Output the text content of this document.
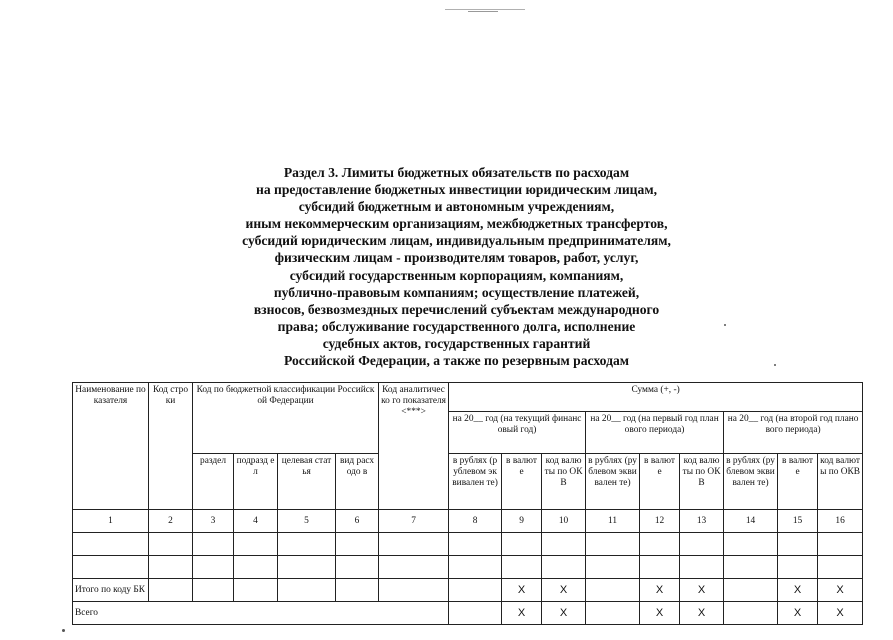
Раздел 3. Лимиты бюджетных обязательств по расходам
на предоставление бюджетных инвестиции юридическим лицам,
субсидий бюджетным и автономным учреждениям,
иным некоммерческим организациям, межбюджетных трансфертов,
субсидий юридическим лицам, индивидуальным предпринимателям,
физическим лицам - производителям товаров, работ, услуг,
субсидий государственным корпорациям, компаниям,
публично-правовым компаниям; осуществление платежей,
взносов, безвозмездных перечислений субъектам международного
права; обслуживание государственного долга, исполнение
судебных актов, государственных гарантий
Российской Федерации, а также по резервным расходам
Наименование показателя	Код строки	Код по бюджетной классификации Российской Федерации				Код аналитическо го показателя <***>	Сумма (+, -)								
							на 20__ год (на текущий финансовый год)			на 20__ год (на первый год планового периода)			на 20__ год (на второй год планового периода)		
		раздел	подразд ел	целевая статья	вид расходо в		в рублях (рублевом эквивален те)	в валюте	код валюты по ОКВ	в рублях (рублевом эквивален те)	в валюте	код валюты по ОКВ	в рублях (рублевом эквивален те)	в валюте	код валюты по ОКВ
1	2	3	4	5	6	7	8	9	10	11	12	13	14	15	16

Итого по коду БК								X	X		X	X		X	X
Всего								X	X		X	X		X	X
